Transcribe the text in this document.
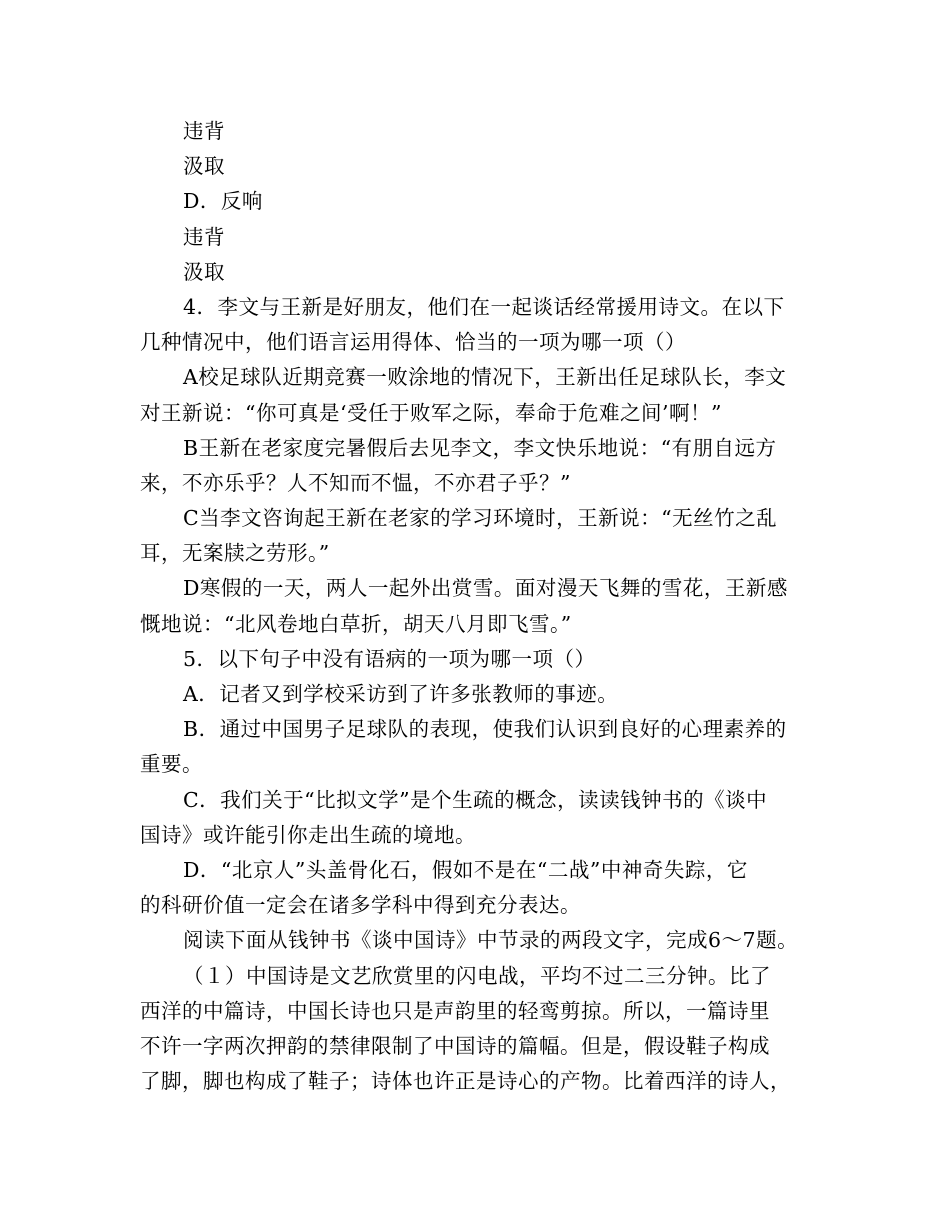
违背
汲取
D．反响
违背
汲取
4．李文与王新是好朋友，他们在一起谈话经常援用诗文。在以下
几种情况中，他们语言运用得体、恰当的一项为哪一项（）
A校足球队近期竞赛一败涂地的情况下，王新出任足球队长，李文
对王新说：“你可真是‘受任于败军之际，奉命于危难之间’啊！”
B王新在老家度完暑假后去见李文，李文快乐地说：“有朋自远方
来，不亦乐乎？人不知而不愠，不亦君子乎？”
C当李文咨询起王新在老家的学习环境时，王新说：“无丝竹之乱
耳，无案牍之劳形。”
D寒假的一天，两人一起外出赏雪。面对漫天飞舞的雪花，王新感
慨地说：“北风卷地白草折，胡天八月即飞雪。”
5．以下句子中没有语病的一项为哪一项（）
A．记者又到学校采访到了许多张教师的事迹。
B．通过中国男子足球队的表现，使我们认识到良好的心理素养的
重要。
C．我们关于“比拟文学”是个生疏的概念，读读钱钟书的《谈中
国诗》或许能引你走出生疏的境地。
D．“北京人”头盖骨化石，假如不是在“二战”中神奇失踪，它
的科研价值一定会在诸多学科中得到充分表达。
阅读下面从钱钟书《谈中国诗》中节录的两段文字，完成6～7题。
（１）中国诗是文艺欣赏里的闪电战，平均不过二三分钟。比了
西洋的中篇诗，中国长诗也只是声韵里的轻鸾剪掠。所以，一篇诗里
不许一字两次押韵的禁律限制了中国诗的篇幅。但是，假设鞋子构成
了脚，脚也构成了鞋子；诗体也许正是诗心的产物。比着西洋的诗人，
